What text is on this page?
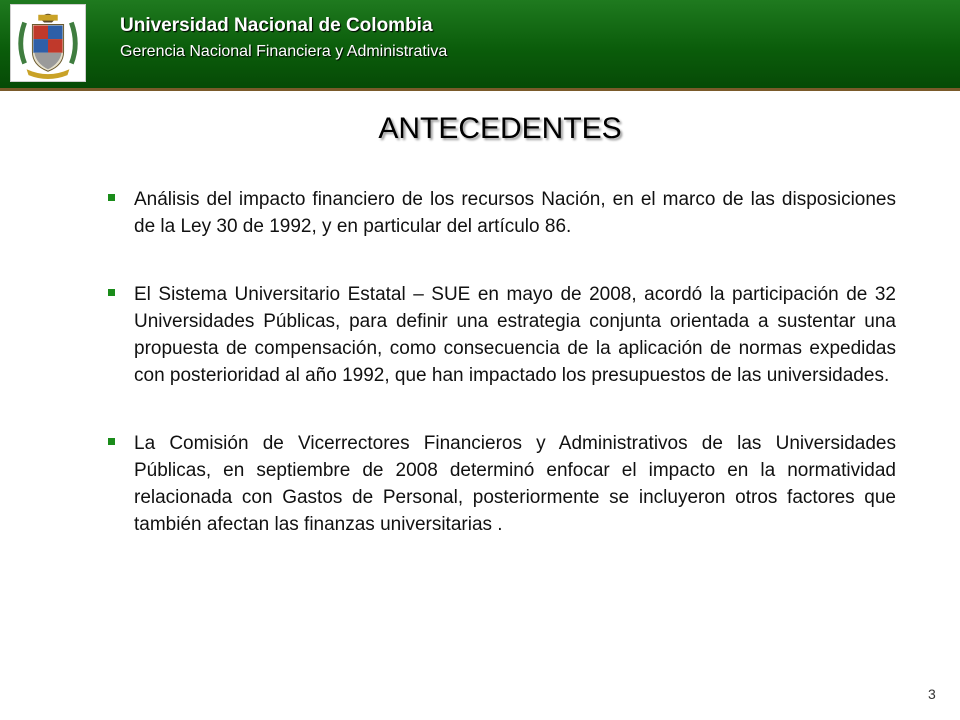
Universidad Nacional de Colombia
Gerencia Nacional Financiera y Administrativa
ANTECEDENTES
Análisis del impacto financiero de los recursos Nación, en el marco de las disposiciones de la Ley 30 de 1992, y en particular del artículo 86.
El Sistema Universitario Estatal – SUE en mayo de 2008, acordó la participación de 32 Universidades Públicas, para definir una estrategia conjunta orientada a sustentar una propuesta de compensación, como consecuencia de la aplicación de normas expedidas con posterioridad al año 1992, que han impactado los presupuestos de las universidades.
La Comisión de Vicerrectores Financieros y Administrativos de las Universidades Públicas, en septiembre de 2008 determinó enfocar el impacto en la normatividad relacionada con Gastos de Personal, posteriormente se incluyeron otros factores que también afectan las finanzas universitarias .
3
